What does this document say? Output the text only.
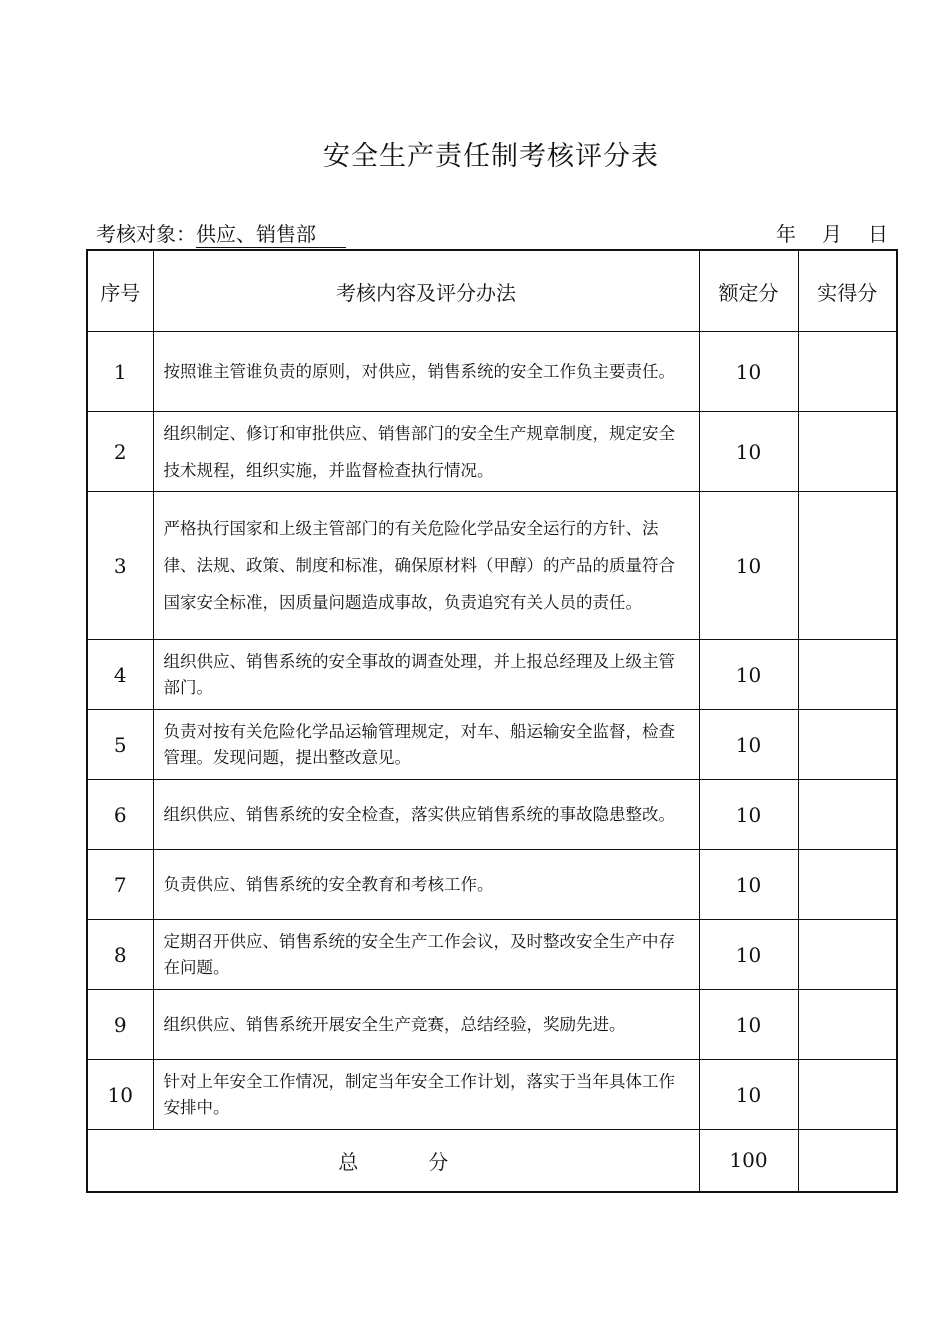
安全生产责任制考核评分表
考核对象：供应、销售部	年 月 日
序号	考核内容及评分办法	额定分	实得分
1	按照谁主管谁负责的原则，对供应，销售系统的安全工作负主要责任。	10	
2	组织制定、修订和审批供应、销售部门的安全生产规章制度，规定安全技术规程，组织实施，并监督检查执行情况。	10	
3	严格执行国家和上级主管部门的有关危险化学品安全运行的方针、法律、法规、政策、制度和标准，确保原材料（甲醇）的产品的质量符合国家安全标准，因质量问题造成事故，负责追究有关人员的责任。	10	
4	组织供应、销售系统的安全事故的调查处理，并上报总经理及上级主管部门。	10	
5	负责对按有关危险化学品运输管理规定，对车、船运输安全监督，检查管理。发现问题，提出整改意见。	10	
6	组织供应、销售系统的安全检查，落实供应销售系统的事故隐患整改。	10	
7	负责供应、销售系统的安全教育和考核工作。	10	
8	定期召开供应、销售系统的安全生产工作会议，及时整改安全生产中存在问题。	10	
9	组织供应、销售系统开展安全生产竞赛，总结经验，奖励先进。	10	
10	针对上年安全工作情况，制定当年安全工作计划，落实于当年具体工作安排中。	10	
总 分		100	
